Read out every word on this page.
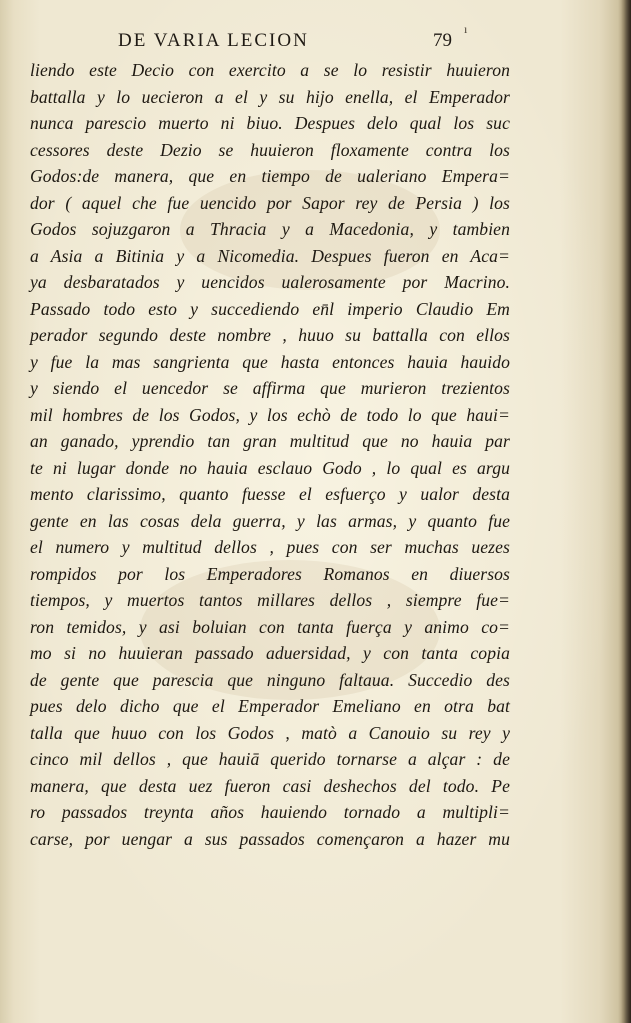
DE VARIA LECION	79
ı
liendo este Decio con exercito a se lo resistir huuieron
battalla y lo uecieron a el y su hijo enella, el Emperador
nunca parescio muerto ni biuo. Despues delo qual los suc
cessores deste Dezio se huuieron floxamente contra los
Godos:de manera, que en tiempo de ualeriano Empera=
dor ( aquel che fue uencido por Sapor rey de Persia ) los
Godos sojuzgaron a Thracia y a Macedonia, y tambien
a Asia a Bitinia y a Nicomedia. Despues fueron en Aca=
ya desbaratados y uencidos ualerosamente por Macrino.
Passado todo esto y succediendo en̄l imperio Claudio Em
perador segundo deste nombre , huuo su battalla con ellos
y fue la mas sangrienta que hasta entonces hauia hauido
y siendo el uencedor se affirma que murieron trezientos
mil hombres de los Godos, y los echò de todo lo que haui=
an ganado, yprendio tan gran multitud que no hauia par
te ni lugar donde no hauia esclauo Godo , lo qual es argu
mento clarissimo, quanto fuesse el esfuerço y ualor desta
gente en las cosas dela guerra, y las armas, y quanto fue
el numero y multitud dellos , pues con ser muchas uezes
rompidos por los Emperadores Romanos en diuersos
tiempos, y muertos tantos millares dellos , siempre fue=
ron temidos, y asi boluian con tanta fuerça y animo co=
mo si no huuieran passado aduersidad, y con tanta copia
de gente que parescia que ninguno faltaua. Succedio des
pues delo dicho que el Emperador Emeliano en otra bat
talla que huuo con los Godos , matò a Canouio su rey y
cinco mil dellos , que hauiā querido tornarse a alçar : de
manera, que desta uez fueron casi deshechos del todo. Pe
ro passados treynta años hauiendo tornado a multipli=
carse, por uengar a sus passados començaron a hazer mu
